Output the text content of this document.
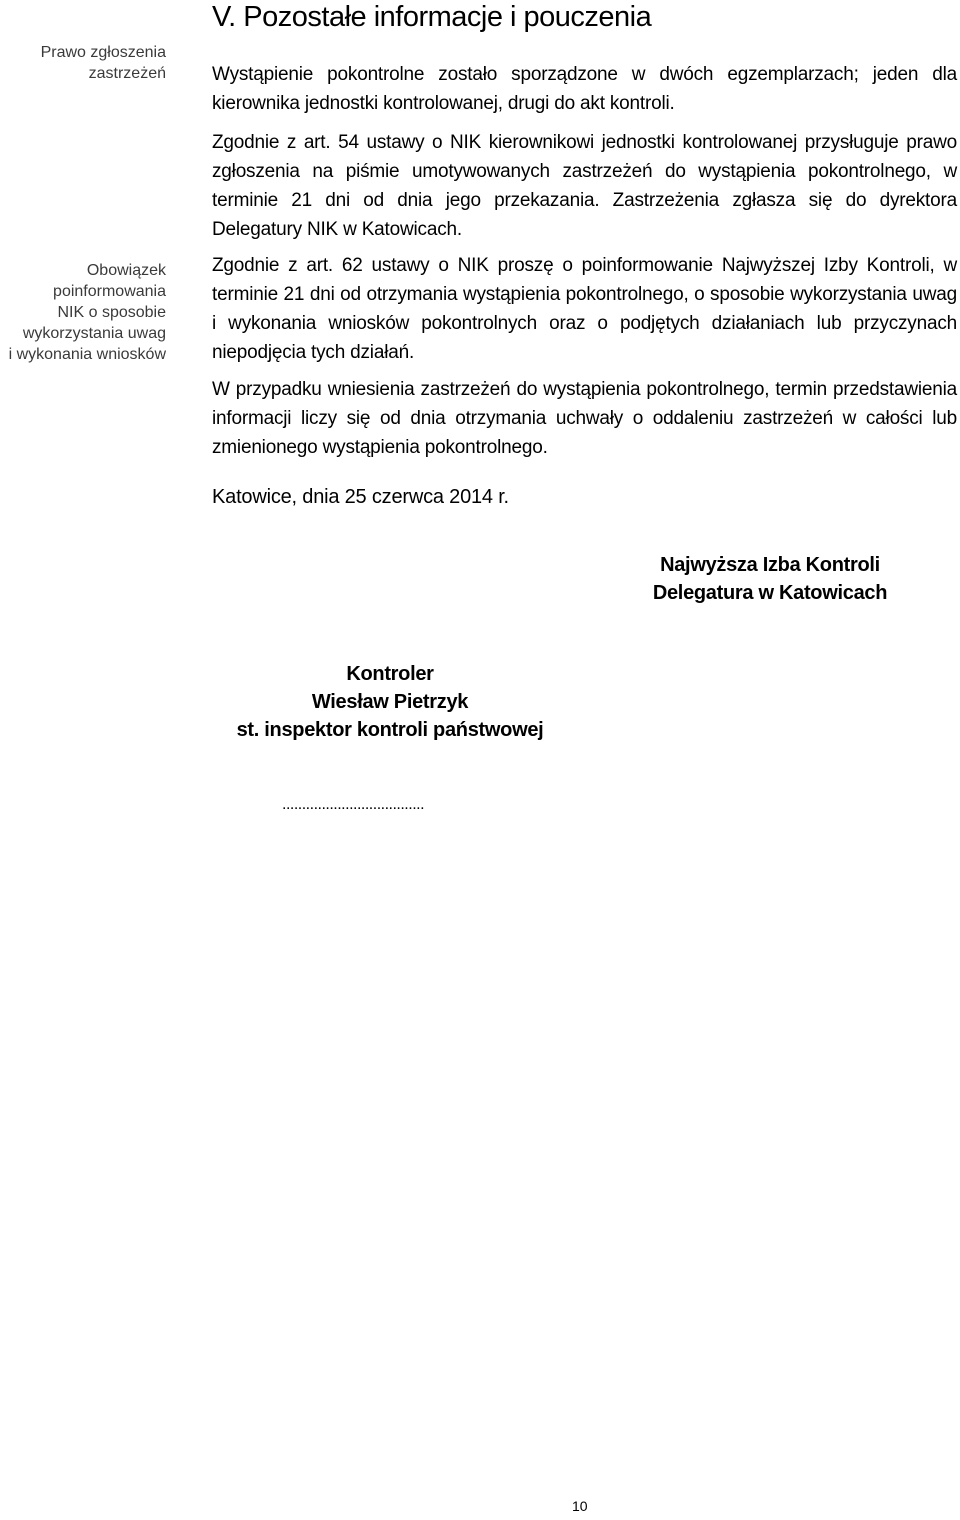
V. Pozostałe informacje i pouczenia
Prawo zgłoszenia
zastrzeżeń
Obowiązek
poinformowania
NIK o sposobie
wykorzystania uwag
i wykonania wniosków

Wystąpienie pokontrolne zostało sporządzone w dwóch egzemplarzach; jeden dla kierownika jednostki kontrolowanej, drugi do akt kontroli.

Zgodnie z art. 54 ustawy o NIK kierownikowi jednostki kontrolowanej przysługuje prawo zgłoszenia na piśmie umotywowanych zastrzeżeń do wystąpienia pokontrolnego, w terminie 21 dni od dnia jego przekazania. Zastrzeżenia zgłasza się do dyrektora Delegatury NIK w Katowicach.

Zgodnie z art. 62 ustawy o NIK proszę o poinformowanie Najwyższej Izby Kontroli, w terminie 21 dni od otrzymania wystąpienia pokontrolnego, o sposobie wykorzystania uwag i wykonania wniosków pokontrolnych oraz o podjętych działaniach lub przyczynach niepodjęcia tych działań.

W przypadku wniesienia zastrzeżeń do wystąpienia pokontrolnego, termin przedstawienia informacji liczy się od dnia otrzymania uchwały o oddaleniu zastrzeżeń w całości lub zmienionego wystąpienia pokontrolnego.

Katowice, dnia 25 czerwca 2014 r.

Najwyższa Izba Kontroli
Delegatura w Katowicach
Kontroler
Wiesław Pietrzyk
st. inspektor kontroli państwowej
....................................
10
